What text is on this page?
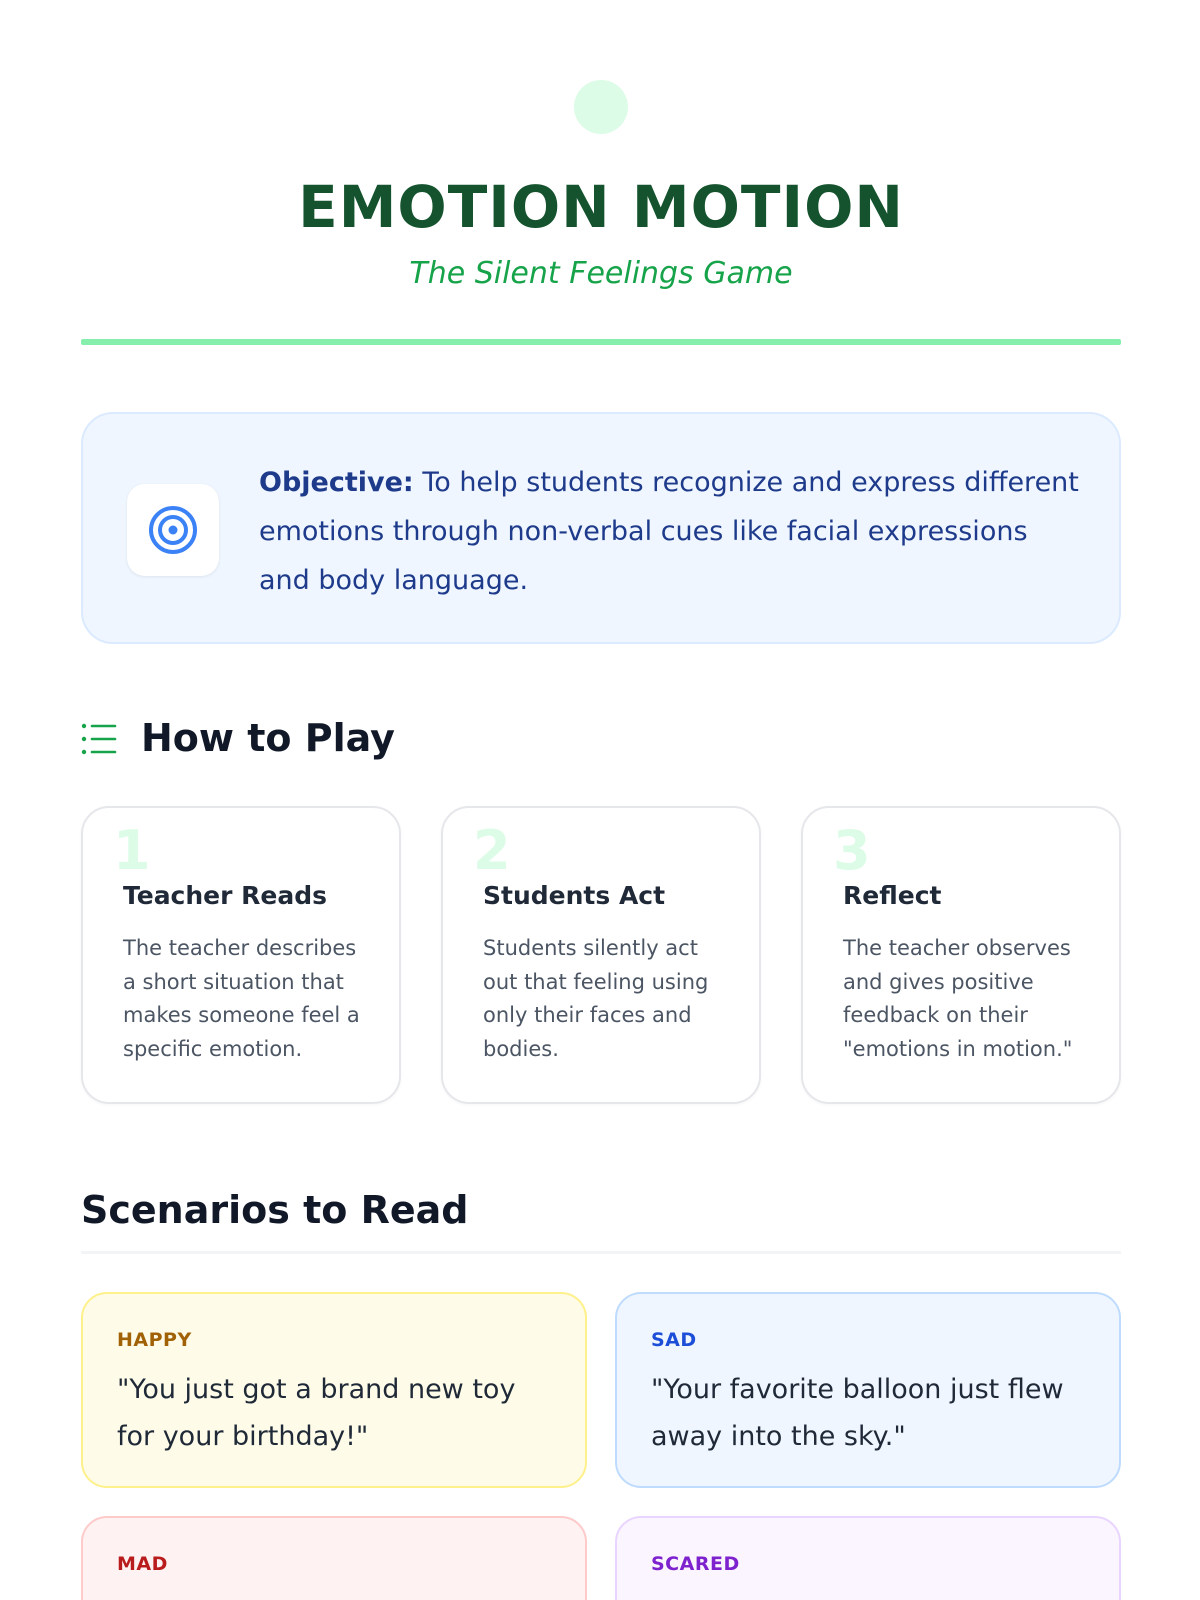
EMOTION MOTION
The Silent Feelings Game

Objective: To help students recognize and express different emotions through non-verbal cues like facial expressions and body language.

How to Play
1
Teacher Reads

The teacher describes a short situation that makes someone feel a specific emotion.

2
Students Act

Students silently act out that feeling using only their faces and bodies.

3
Reflect

The teacher observes and gives positive feedback on their "emotions in motion."

Scenarios to Read
HAPPY

"You just got a brand new toy for your birthday!"

SAD

"Your favorite balloon just flew away into the sky."

MAD	SCARED
